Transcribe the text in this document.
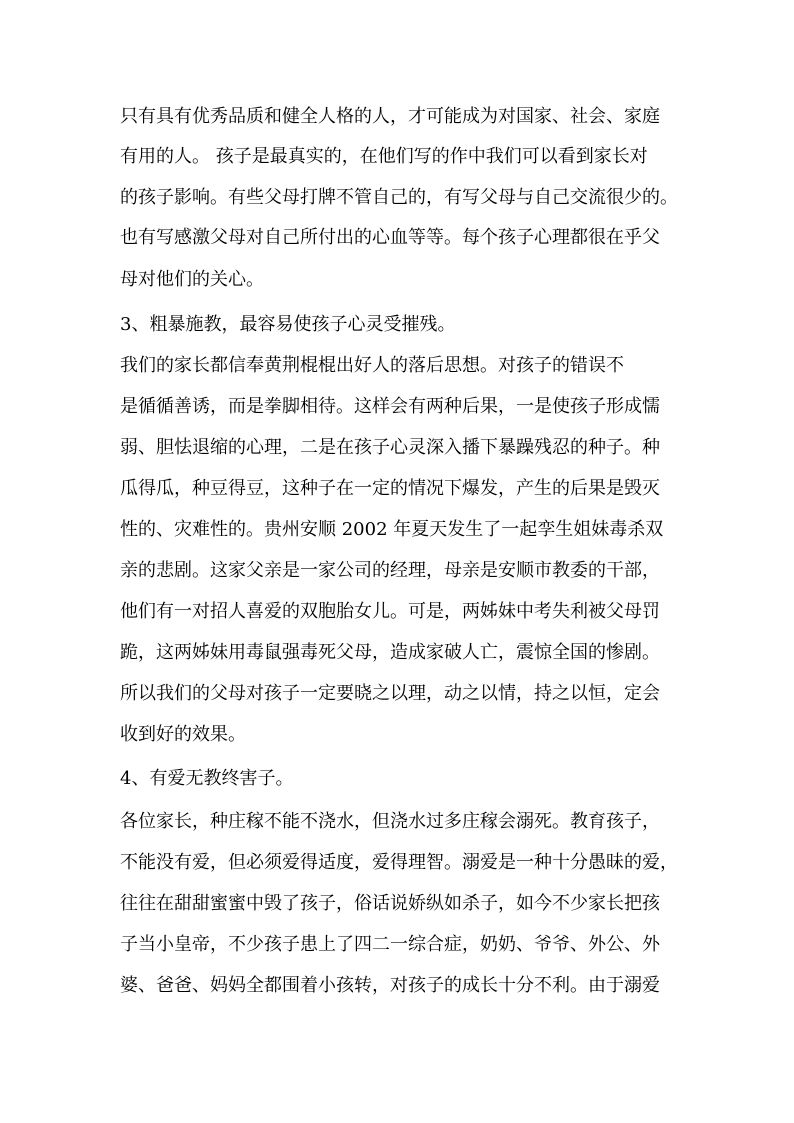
只有具有优秀品质和健全人格的人，才可能成为对国家、社会、家庭
有用的人。 孩子是最真实的，在他们写的作中我们可以看到家长对
的孩子影响。有些父母打牌不管自己的，有写父母与自己交流很少的。
也有写感激父母对自己所付出的心血等等。每个孩子心理都很在乎父
母对他们的关心。
3、粗暴施教，最容易使孩子心灵受摧残。
我们的家长都信奉黄荆棍棍出好人的落后思想。对孩子的错误不
是循循善诱，而是拳脚相待。这样会有两种后果，一是使孩子形成懦
弱、胆怯退缩的心理，二是在孩子心灵深入播下暴躁残忍的种子。种
瓜得瓜，种豆得豆，这种子在一定的情况下爆发，产生的后果是毁灭
性的、灾难性的。贵州安顺 2002 年夏天发生了一起孪生姐妹毒杀双
亲的悲剧。这家父亲是一家公司的经理，母亲是安顺市教委的干部，
他们有一对招人喜爱的双胞胎女儿。可是，两姊妹中考失利被父母罚
跪，这两姊妹用毒鼠强毒死父母，造成家破人亡，震惊全国的惨剧。
所以我们的父母对孩子一定要晓之以理，动之以情，持之以恒，定会
收到好的效果。
4、有爱无教终害子。
各位家长，种庄稼不能不浇水，但浇水过多庄稼会溺死。教育孩子，
不能没有爱，但必须爱得适度，爱得理智。溺爱是一种十分愚昧的爱，
往往在甜甜蜜蜜中毁了孩子，俗话说娇纵如杀子，如今不少家长把孩
子当小皇帝，不少孩子患上了四二一综合症，奶奶、爷爷、外公、外
婆、爸爸、妈妈全都围着小孩转，对孩子的成长十分不利。由于溺爱
